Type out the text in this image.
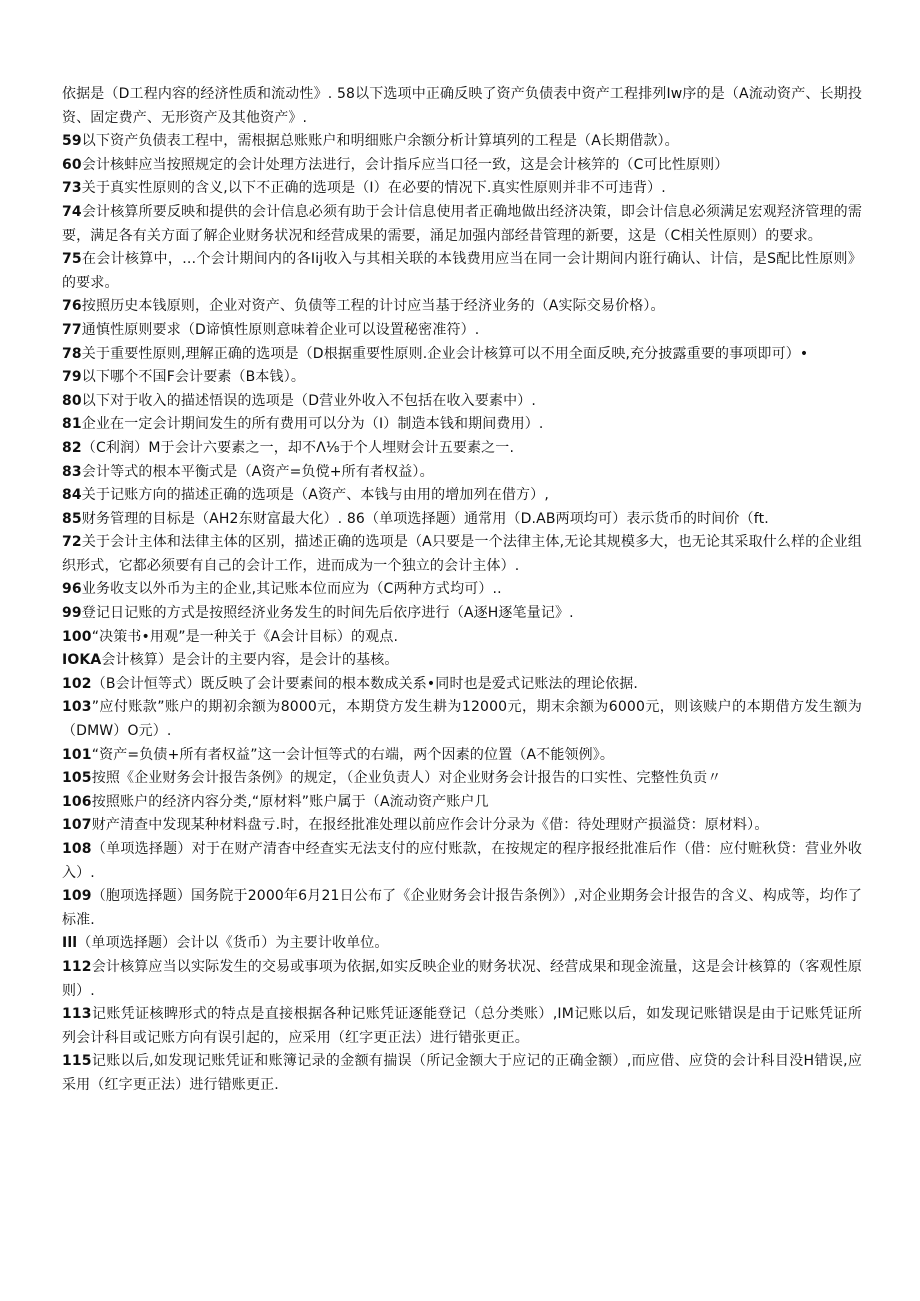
依据是（D工程内容的经济性质和流动性》. 58以下选项中正确反映了资产负债表中资产工程排列Iw序的是（A流动资产、长期投资、固定费产、无形资产及其他资产》.

59以下资产负债表工程中，需根据总账账户和明细账户余额分析计算填列的工程是（A长期借款）。

60会计核蚌应当按照规定的会计处理方法进行，会计指斥应当口径一致，这是会计核笄的（C可比性原则）

73关于真实性原则的含义,以下不正确的选项是（I）在必要的情况下.真实性原则并非不可违背）.

74会计核算所要反映和提供的会计信息必须有助于会计信息使用者正确地做出经济决策，即会计信息必须满足宏观羟济管理的需要，满足各有关方面了解企业财务状况和经营成果的需要，涌足加强内部经昔管理的新要，这是（C相关性原则）的要求。

75在会计核算中，…个会计期间内的各Iij收入与其相关联的本钱费用应当在同一会计期间内诳行确认、计信，是S配比性原则》的要求。

76按照历史本钱原则，企业对资产、负债等工程的计讨应当基于经济业务的（A实际交易价格）。

77通慎性原则要求（D谛慎性原则意味着企业可以设置秘密准符）.

78关于重要性原则,理解正确的选项是（D根据重要性原则.企业会计核算可以不用全面反映,充分披露重要的事项即可）•

79以下哪个不国F会计要素（B本钱）。

80以下对于收入的描述悟误的选项是（D营业外收入不包括在收入要素中）.

81企业在一定会计期间发生的所有费用可以分为（I）制造本钱和期间费用）.

82（C利润）M于会计六要素之一，却不Λ⅛于个人埋财会计五要素之一.

83会计等式的根本平衡式是（A资产=负傥+所有者权益）。

84关于记账方向的描述正确的选项是（A资产、本钱与由用的增加列在借方）,

85财务管理的目标是（AH2东财富最大化）. 86（单项选择题）通常用（D.AB两项均可）表示货币的时间价（ft.

72关于会计主体和法律主体的区别，描述正确的选项是（A只要是一个法律主体,无论其规模多大，也无论其采取什么样的企业组织形式，它都必须要有自己的会计工作，进而成为一个独立的会计主体）.

96业务收支以外币为主的企业,其记账本位而应为（C两种方式均可）..

99登记日记账的方式是按照经济业务发生的时间先后依序进行（A逐H逐笔量记》.

100“决策书•用观”是一种关于《A会计目标）的观点.

IOKA会计核算）是会计的主要内容，是会计的基核。

102（B会计恒等式）既反映了会计要素间的根本数成关系•同时也是爱式记账法的理论依据.

103”应付账款”账户的期初余额为8000元，本期贷方发生耕为12000元，期末余额为6000元，则该赎户的本期借方发生额为（DMW）O元）.

101“资产=负债+所有者权益”这一会计恒等式的右端，两个因素的位置（A不能领例》。

105按照《企业财务会计报告条例》的规定，（企业负责人）对企业财务会计报告的口实性、完整性负贡〃

106按照账户的经济内容分类,“原材料”账户属于（A流动资产账户几

107财产清查中发现某种材料盘亏.时，在报经批准处理以前应作会计分录为《借：待处理财产损溢贷：原材料）。

108（单项选择题）对于在财产清杳中经查实无法支付的应付账款，在按规定的程序报经批准后作（借：应付赃秋贷：营业外收入）.

109（胞项选择题）国务院于2000年6月21日公布了《企业财务会计报告条例》）,对企业期务会计报告的含义、构成等，均作了标准.

Ill（单项选择题）会计以《货币）为主要计收单位。

112会计核算应当以实际发生的交易或事项为依据,如实反映企业的财务状况、经营成果和现金流量，这是会计核算的（客观性原则）.

113记账凭证核睥形式的特点是直接根据各种记账凭证逐能登记（总分类账）,IM记账以后，如发现记账错误是由于记账凭证所列会计科目或记账方向有误引起的，应采用（红字更正法）进行错张更正。

115记账以后,如发现记账凭证和账簿记录的金额有揣误（所记金额大于应记的正确金额）,而应借、应贷的会计科目没H错误,应采用（红字更正法）进行错账更正.
